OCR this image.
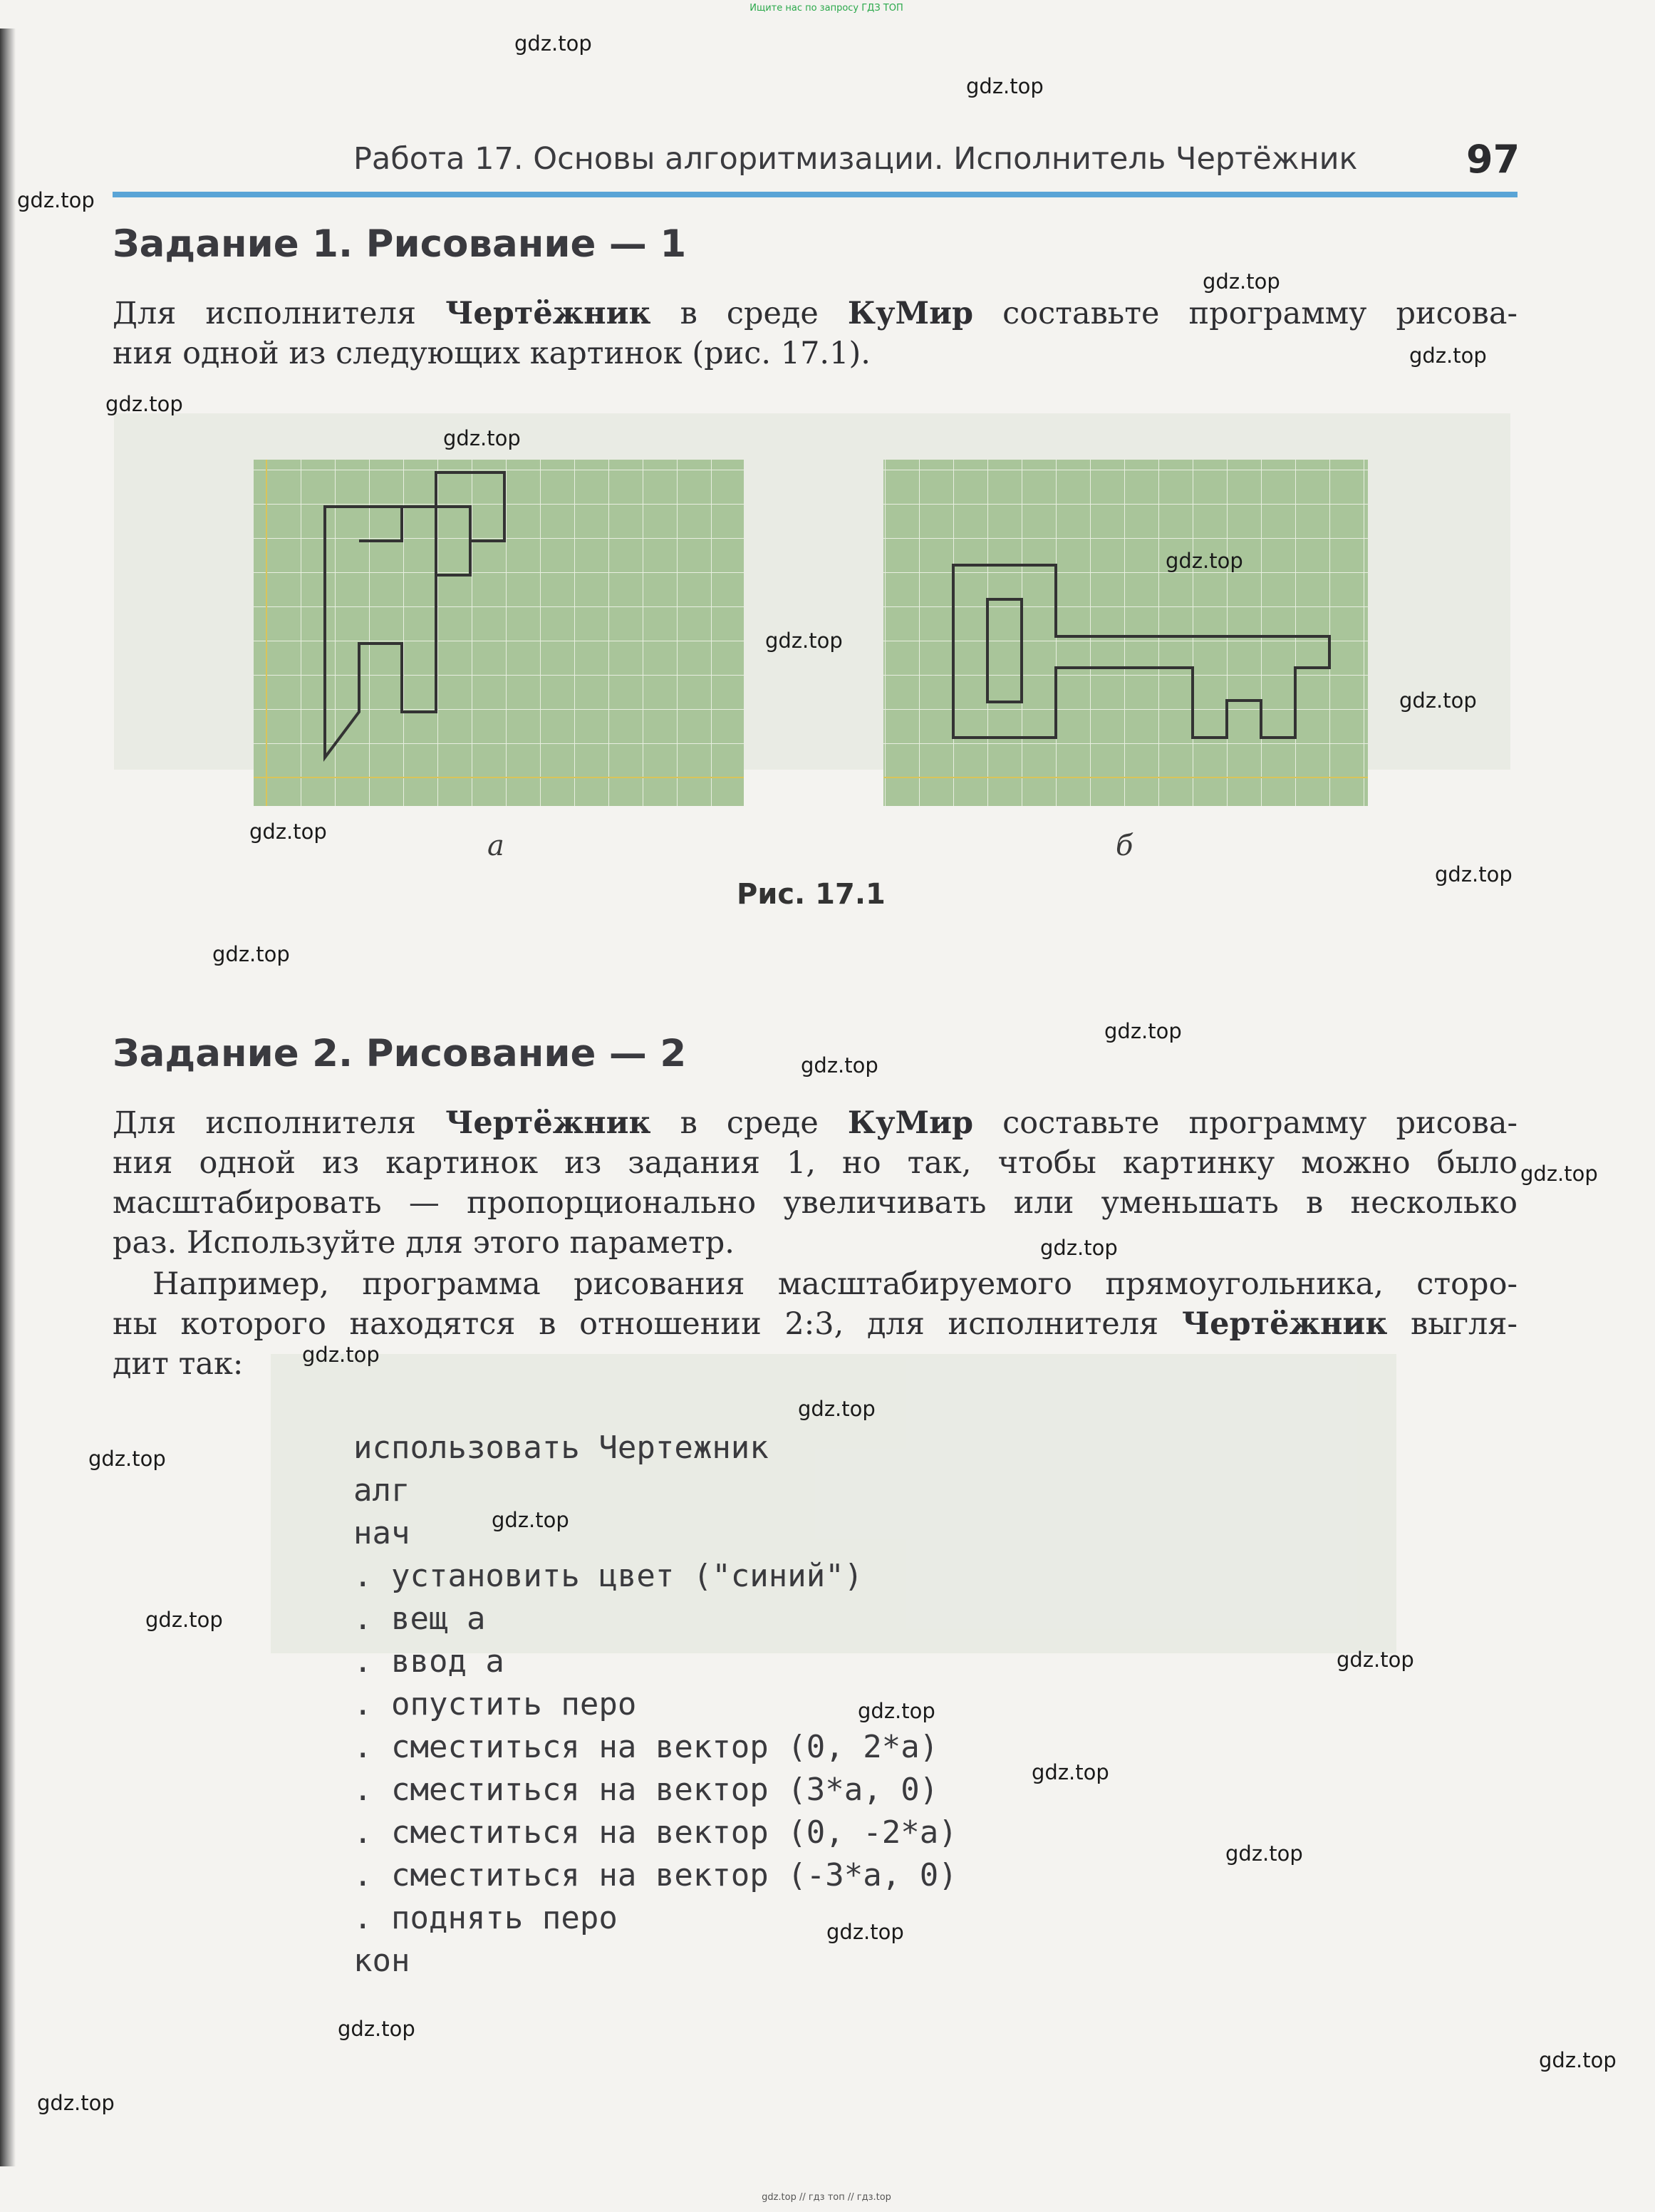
Ищите нас по запросу ГДЗ ТОП
Работа 17. Основы алгоритмизации. Исполнитель Чертёжник	97
Задание 1. Рисование — 1
Для исполнителя Чертёжник в среде КуМир составьте программу рисова-
ния одной из следующих картинок (рис. 17.1).
а	б
Рис. 17.1
Задание 2. Рисование — 2
Для исполнителя Чертёжник в среде КуМир составьте программу рисова-
ния одной из картинок из задания 1, но так, чтобы картинку можно было
масштабировать — пропорционально увеличивать или уменьшать в несколько
раз. Используйте для этого параметр.
Например, программа рисования масштабируемого прямоугольника, сторо-
ны которого находятся в отношении 2:3, для исполнителя Чертёжник выгля-
дит так:
использовать Чертежник
алг
нач
. установить цвет ("синий")
. вещ а
. ввод а
. опустить перо
. сместиться на вектор (0, 2*а)
. сместиться на вектор (3*а, 0)
. сместиться на вектор (0, -2*а)
. сместиться на вектор (-3*а, 0)
. поднять перо
кон
gdz.top
gdz.top
gdz.top
gdz.top
gdz.top
gdz.top
gdz.top
gdz.top
gdz.top
gdz.top
gdz.top
gdz.top
gdz.top
gdz.top
gdz.top
gdz.top
gdz.top
gdz.top
gdz.top
gdz.top
gdz.top
gdz.top
gdz.top
gdz.top
gdz.top
gdz.top
gdz.top
gdz.top
gdz.top
gdz.top
gdz.top // гдз топ // гдз.top
